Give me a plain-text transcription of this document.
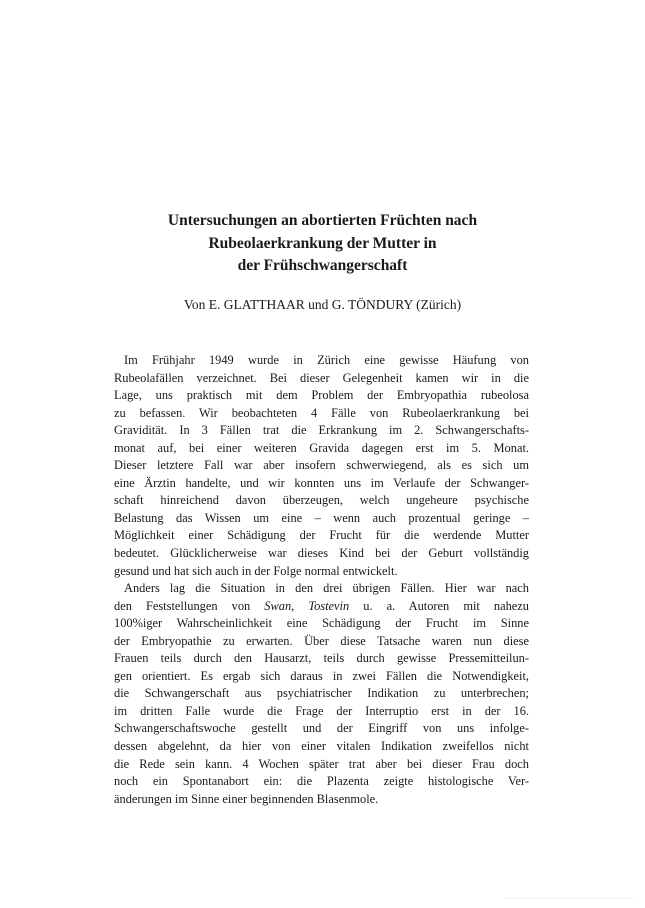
Untersuchungen an abortierten Früchten nach
Rubeolaerkrankung der Mutter in
der Frühschwangerschaft

Von E. GLATTHAAR und G. TÖNDURY (Zürich)

Im Frühjahr 1949 wurde in Zürich eine gewisse Häufung von
Rubeolafällen verzeichnet. Bei dieser Gelegenheit kamen wir in die
Lage, uns praktisch mit dem Problem der Embryopathia rubeolosa
zu befassen. Wir beobachteten 4 Fälle von Rubeolaerkrankung bei
Gravidität. In 3 Fällen trat die Erkrankung im 2. Schwangerschafts-
monat auf, bei einer weiteren Gravida dagegen erst im 5. Monat.
Dieser letztere Fall war aber insofern schwerwiegend, als es sich um
eine Ärztin handelte, und wir konnten uns im Verlaufe der Schwanger-
schaft hinreichend davon überzeugen, welch ungeheure psychische
Belastung das Wissen um eine – wenn auch prozentual geringe –
Möglichkeit einer Schädigung der Frucht für die werdende Mutter
bedeutet. Glücklicherweise war dieses Kind bei der Geburt vollständig
gesund und hat sich auch in der Folge normal entwickelt.
Anders lag die Situation in den drei übrigen Fällen. Hier war nach
den Feststellungen von Swan, Tostevin u. a. Autoren mit nahezu
100%iger Wahrscheinlichkeit eine Schädigung der Frucht im Sinne
der Embryopathie zu erwarten. Über diese Tatsache waren nun diese
Frauen teils durch den Hausarzt, teils durch gewisse Pressemitteilun-
gen orientiert. Es ergab sich daraus in zwei Fällen die Notwendigkeit,
die Schwangerschaft aus psychiatrischer Indikation zu unterbrechen;
im dritten Falle wurde die Frage der Interruptio erst in der 16.
Schwangerschaftswoche gestellt und der Eingriff von uns infolge-
dessen abgelehnt, da hier von einer vitalen Indikation zweifellos nicht
die Rede sein kann. 4 Wochen später trat aber bei dieser Frau doch
noch ein Spontanabort ein: die Plazenta zeigte histologische Ver-
änderungen im Sinne einer beginnenden Blasenmole.
